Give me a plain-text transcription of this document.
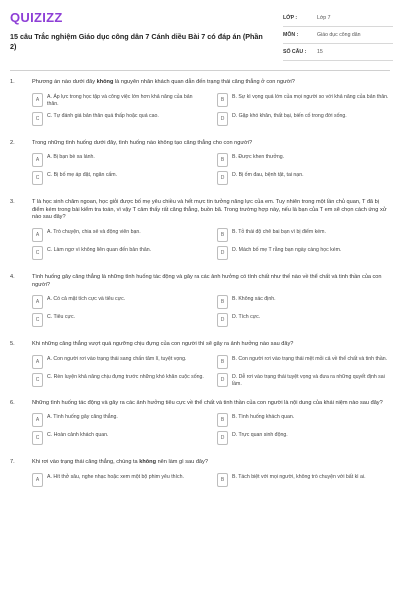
QUIZIZZ
15 câu Trắc nghiệm Giáo dục công dân 7 Cánh diều Bài 7 có đáp án (Phần 2)
LỚP :	Lớp 7
MÔN :	Giáo dục công dân
SỐ CÂU :	15
1.	Phương án nào dưới đây không là nguyên nhân khách quan dẫn đến trạng thái căng thẳng ở con người?
A	A. Áp lực trong học tập và công việc lớn hơn khả năng của bản thân.
B	B. Sự kì vọng quá lớn của mọi người so với khả năng của bản thân.
C	C. Tự đánh giá bản thân quá thấp hoặc quá cao.	D	D. Gặp khó khăn, thất bại, biến cố trong đời sống.
2.	Trong những tình huống dưới đây, tình huống nào không tạo căng thẳng cho con người?
A	A. Bị bạn bè xa lánh.	B	B. Được khen thưởng.
C	C. Bị bố mẹ áp đặt, ngăn cấm.	D	D. Bị ốm đau, bệnh tật, tai nạn.
3.	T là học sinh chăm ngoan, học giỏi được bố mẹ yêu chiều và hết mực tin tưởng năng lực của em. Tuy nhiên trong một lần chủ quan, T đã bị điểm kém trong bài kiểm tra toán, vì vậy T cảm thấy rất căng thẳng, buồn bã. Trong trường hợp này, nếu là bạn của T em sẽ chọn cách ứng xử nào sau đây?
A	A. Trò chuyện, chia sẻ và động viên bạn.	B	B. Tỏ thái độ chê bai bạn vì bị điểm kém.
C	C. Làm ngơ vì không liên quan đến bản thân.	D	D. Mách bố mẹ T rằng bạn ngày càng học kém.
4.	Tình huống gây căng thẳng là những tình huống tác động và gây ra các ảnh hưởng có tính chất như thế nào về thể chất và tinh thần của con người?
A	A. Có cả mặt tích cực và tiêu cực.	B	B. Không xác định.
C	C. Tiêu cực.	D	D. Tích cực.
5.	Khi những căng thẳng vượt quá ngưỡng chịu đựng của con người thì sẽ gây ra ảnh hưởng nào sau đây?
A	A. Con người rơi vào trạng thái sang chấn tâm lí, tuyệt vọng.	B	B. Con người rơi vào trạng thái mệt mỏi cả về thể chất và tinh thần.
C	C. Rèn luyện khả năng chịu đựng trước những khó khăn cuộc sống.	D	D. Dễ rơi vào trạng thái tuyệt vọng và đưa ra những quyết định sai lầm.
6.	Những tình huống tác động và gây ra các ảnh hưởng tiêu cực về thể chất và tinh thần của con người là nội dung của khái niệm nào sau đây?
A	A. Tình huống gây căng thẳng.	B	B. Tình huống khách quan.
C	C. Hoàn cảnh khách quan.	D	D. Trực quan sinh động.
7.	Khi rơi vào trạng thái căng thẳng, chúng ta không nên làm gì sau đây?
A	A. Hít thở sâu, nghe nhạc hoặc xem một bộ phim yêu thích.	B	B. Tách biệt với mọi người, không trò chuyện với bất kì ai.
